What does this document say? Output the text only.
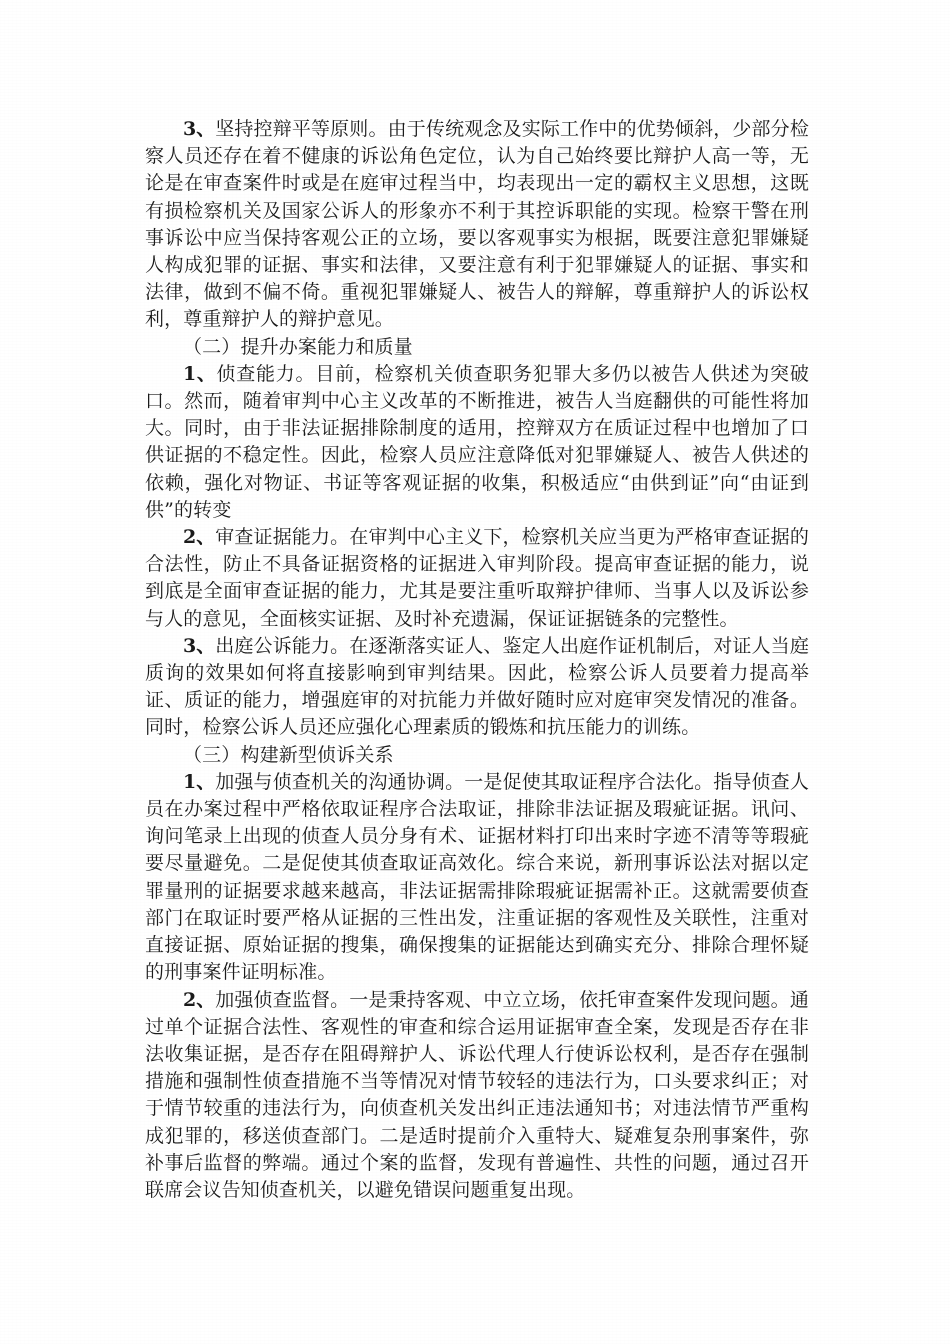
3、坚持控辩平等原则。由于传统观念及实际工作中的优势倾斜，少部分检察人员还存在着不健康的诉讼角色定位，认为自己始终要比辩护人高一等，无论是在审查案件时或是在庭审过程当中，均表现出一定的霸权主义思想，这既有损检察机关及国家公诉人的形象亦不利于其控诉职能的实现。检察干警在刑事诉讼中应当保持客观公正的立场，要以客观事实为根据，既要注意犯罪嫌疑人构成犯罪的证据、事实和法律，又要注意有利于犯罪嫌疑人的证据、事实和法律，做到不偏不倚。重视犯罪嫌疑人、被告人的辩解，尊重辩护人的诉讼权利，尊重辩护人的辩护意见。

（二）提升办案能力和质量

1、侦查能力。目前，检察机关侦查职务犯罪大多仍以被告人供述为突破口。然而，随着审判中心主义改革的不断推进，被告人当庭翻供的可能性将加大。同时，由于非法证据排除制度的适用，控辩双方在质证过程中也增加了口供证据的不稳定性。因此，检察人员应注意降低对犯罪嫌疑人、被告人供述的依赖，强化对物证、书证等客观证据的收集，积极适应“由供到证”向“由证到供”的转变

2、审查证据能力。在审判中心主义下，检察机关应当更为严格审查证据的合法性，防止不具备证据资格的证据进入审判阶段。提高审查证据的能力，说到底是全面审查证据的能力，尤其是要注重听取辩护律师、当事人以及诉讼参与人的意见，全面核实证据、及时补充遗漏，保证证据链条的完整性。

3、出庭公诉能力。在逐渐落实证人、鉴定人出庭作证机制后，对证人当庭质询的效果如何将直接影响到审判结果。因此，检察公诉人员要着力提高举证、质证的能力，增强庭审的对抗能力并做好随时应对庭审突发情况的准备。同时，检察公诉人员还应强化心理素质的锻炼和抗压能力的训练。

（三）构建新型侦诉关系

1、加强与侦查机关的沟通协调。一是促使其取证程序合法化。指导侦查人员在办案过程中严格依取证程序合法取证，排除非法证据及瑕疵证据。讯问、询问笔录上出现的侦查人员分身有术、证据材料打印出来时字迹不清等等瑕疵要尽量避免。二是促使其侦查取证高效化。综合来说，新刑事诉讼法对据以定罪量刑的证据要求越来越高，非法证据需排除瑕疵证据需补正。这就需要侦查部门在取证时要严格从证据的三性出发，注重证据的客观性及关联性，注重对直接证据、原始证据的搜集，确保搜集的证据能达到确实充分、排除合理怀疑的刑事案件证明标准。

2、加强侦查监督。一是秉持客观、中立立场，依托审查案件发现问题。通过单个证据合法性、客观性的审查和综合运用证据审查全案，发现是否存在非法收集证据，是否存在阻碍辩护人、诉讼代理人行使诉讼权利，是否存在强制措施和强制性侦查措施不当等情况对情节较轻的违法行为，口头要求纠正；对于情节较重的违法行为，向侦查机关发出纠正违法通知书；对违法情节严重构成犯罪的，移送侦查部门。二是适时提前介入重特大、疑难复杂刑事案件，弥补事后监督的弊端。通过个案的监督，发现有普遍性、共性的问题，通过召开联席会议告知侦查机关，以避免错误问题重复出现。
